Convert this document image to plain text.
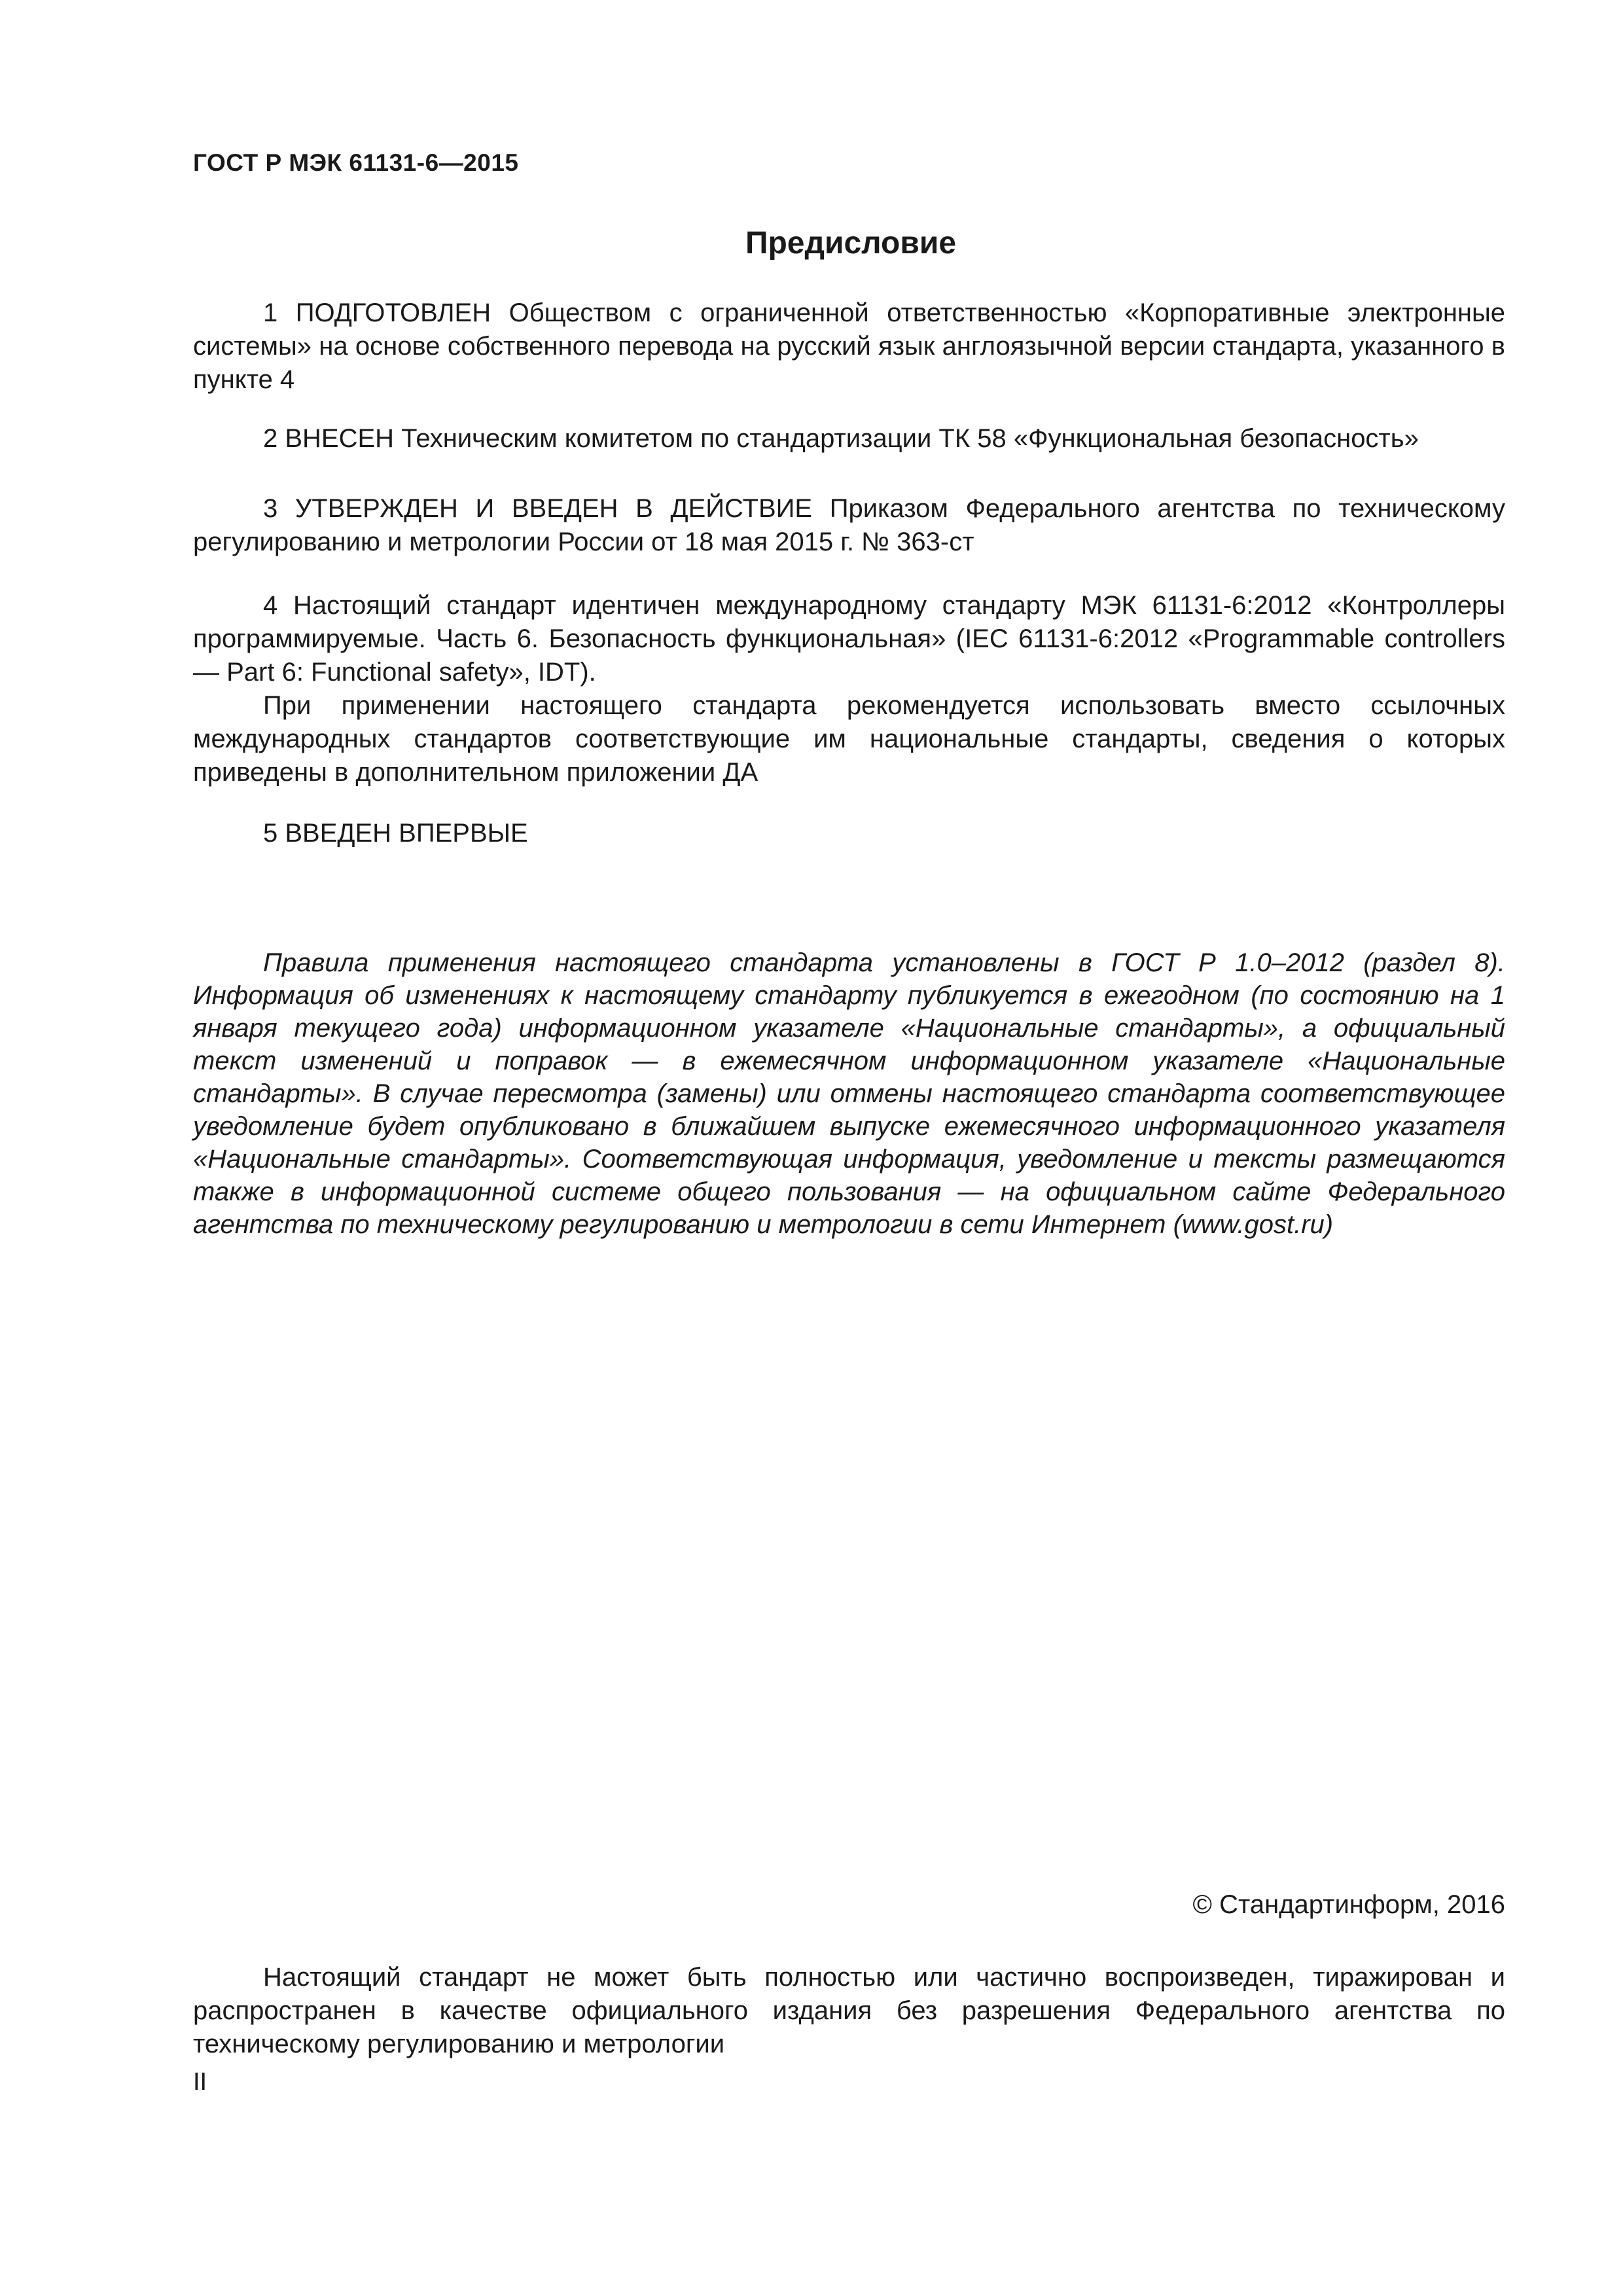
ГОСТ Р МЭК 61131-6—2015
Предисловие

1 ПОДГОТОВЛЕН Обществом с ограниченной ответственностью «Корпоративные электронные системы» на основе собственного перевода на русский язык англоязычной версии стандарта, указанного в пункте 4

2 ВНЕСЕН Техническим комитетом по стандартизации ТК 58 «Функциональная безопасность»

3 УТВЕРЖДЕН И ВВЕДЕН В ДЕЙСТВИЕ Приказом Федерального агентства по техническому регулированию и метрологии России от 18 мая 2015 г. № 363-ст

4 Настоящий стандарт идентичен международному стандарту МЭК 61131-6:2012 «Контроллеры программируемые. Часть 6. Безопасность функциональная» (IEC 61131-6:2012 «Programmable controllers — Part 6: Functional safety», IDT).

При применении настоящего стандарта рекомендуется использовать вместо ссылочных международных стандартов соответствующие им национальные стандарты, сведения о которых приведены в дополнительном приложении ДА

5 ВВЕДЕН ВПЕРВЫЕ

Правила применения настоящего стандарта установлены в ГОСТ Р 1.0–2012 (раздел 8). Информация об изменениях к настоящему стандарту публикуется в ежегодном (по состоянию на 1 января текущего года) информационном указателе «Национальные стандарты», а официальный текст изменений и поправок — в ежемесячном информационном указателе «Национальные стандарты». В случае пересмотра (замены) или отмены настоящего стандарта соответствующее уведомление будет опубликовано в ближайшем выпуске ежемесячного информационного указателя «Национальные стандарты». Соответствующая информация, уведомление и тексты размещаются также в информационной системе общего пользования — на официальном сайте Федерального агентства по техническому регулированию и метрологии в сети Интернет (www.gost.ru)

© Стандартинформ, 2016

Настоящий стандарт не может быть полностью или частично воспроизведен, тиражирован и распространен в качестве официального издания без разрешения Федерального агентства по техническому регулированию и метрологии

II
